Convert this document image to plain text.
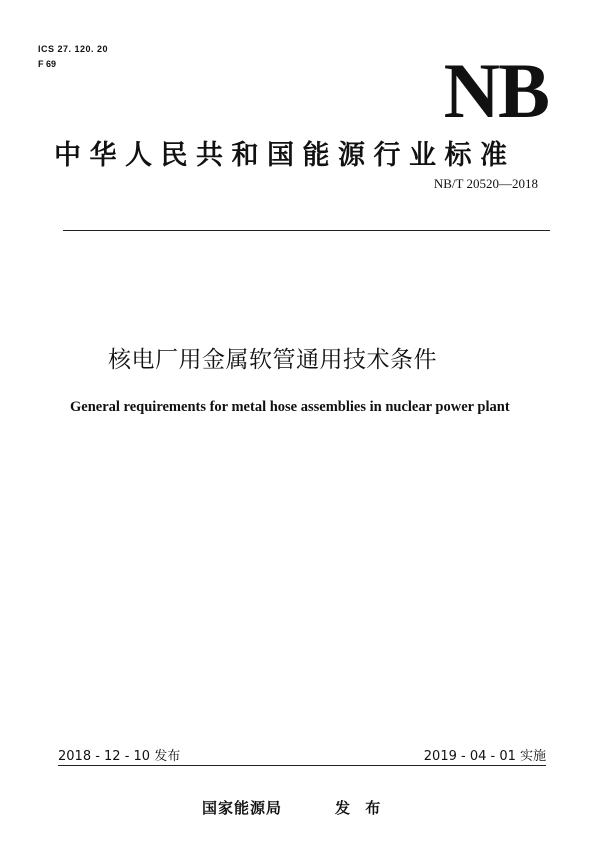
ICS 27. 120. 20
F 69	NB
中华人民共和国能源行业标准
NB/T 20520—2018
核电厂用金属软管通用技术条件
General requirements for metal hose assemblies in nuclear power plant
2018 - 12 - 10 发布	2019 - 04 - 01 实施
国家能源局	发 布
